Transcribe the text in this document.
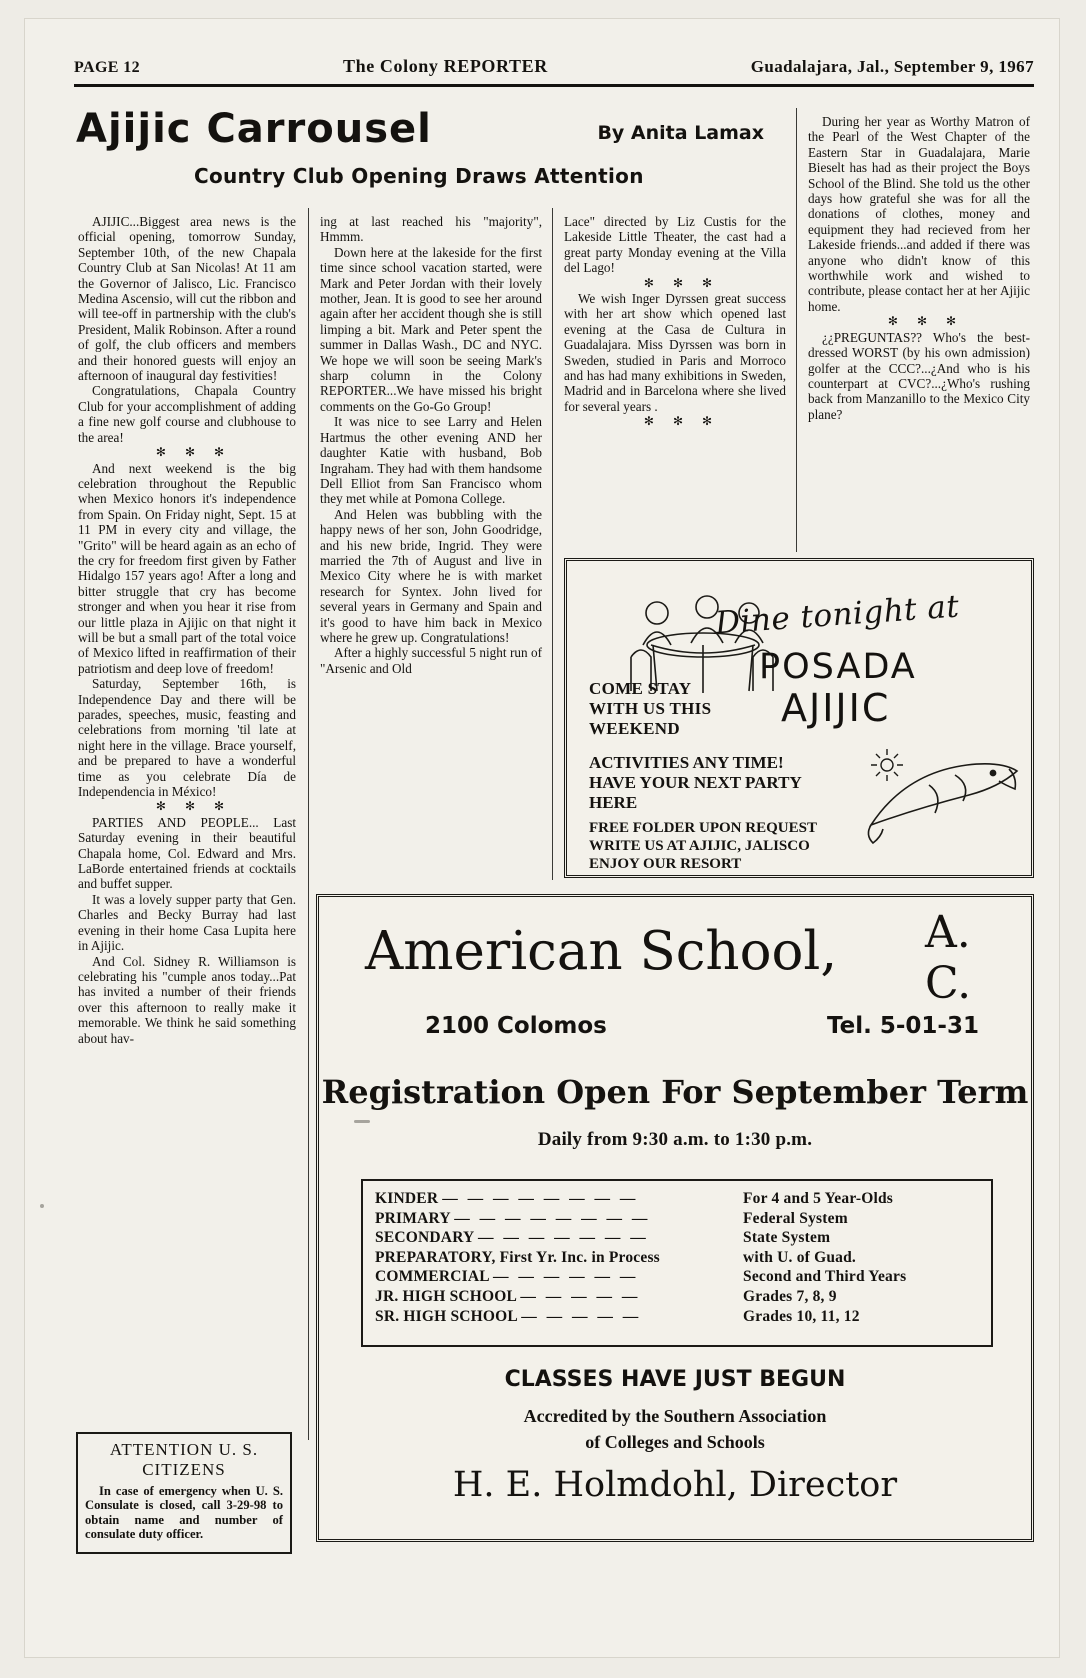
PAGE 12	The Colony REPORTER	Guadalajara, Jal., September 9, 1967
Ajijic Carrousel	By Anita Lamax
Country Club Opening Draws Attention

AJIJIC...Biggest area news is the official opening, tomorrow Sunday, September 10th, of the new Chapala Country Club at San Nicolas! At 11 am the Governor of Jalisco, Lic. Francisco Medina Ascensio, will cut the ribbon and will tee-off in partnership with the club's President, Malik Robinson. After a round of golf, the club officers and members and their honored guests will enjoy an afternoon of inaugural day festivities!

Congratulations, Chapala Country Club for your accomplishment of adding a fine new golf course and clubhouse to the area!

✻ ✻ ✻

And next weekend is the big celebration throughout the Republic when Mexico honors it's independence from Spain. On Friday night, Sept. 15 at 11 PM in every city and village, the "Grito" will be heard again as an echo of the cry for freedom first given by Father Hidalgo 157 years ago! After a long and bitter struggle that cry has become stronger and when you hear it rise from our little plaza in Ajijic on that night it will be but a small part of the total voice of Mexico lifted in reaffirmation of their patriotism and deep love of freedom!

Saturday, September 16th, is Independence Day and there will be parades, speeches, music, feasting and celebrations from morning 'til late at night here in the village. Brace yourself, and be prepared to have a wonderful time as you celebrate Día de Independencia in México!

✻ ✻ ✻

PARTIES AND PEOPLE... Last Saturday evening in their beautiful Chapala home, Col. Edward and Mrs. LaBorde entertained friends at cocktails and buffet supper.

It was a lovely supper party that Gen. Charles and Becky Burray had last evening in their home Casa Lupita here in Ajijic.

And Col. Sidney R. Williamson is celebrating his "cumple anos today...Pat has invited a number of their friends over this afternoon to really make it memorable. We think he said something about hav-

ing at last reached his "majority", Hmmm.

Down here at the lakeside for the first time since school vacation started, were Mark and Peter Jordan with their lovely mother, Jean. It is good to see her around again after her accident though she is still limping a bit. Mark and Peter spent the summer in Dallas Wash., DC and NYC. We hope we will soon be seeing Mark's sharp column in the Colony REPORTER...We have missed his bright comments on the Go-Go Group!

It was nice to see Larry and Helen Hartmus the other evening AND her daughter Katie with husband, Bob Ingraham. They had with them handsome Dell Elliot from San Francisco whom they met while at Pomona College.

And Helen was bubbling with the happy news of her son, John Goodridge, and his new bride, Ingrid. They were married the 7th of August and live in Mexico City where he is with market research for Syntex. John lived for several years in Germany and Spain and it's good to have him back in Mexico where he grew up. Congratulations!

After a highly successful 5 night run of "Arsenic and Old

Lace" directed by Liz Custis for the Lakeside Little Theater, the cast had a great party Monday evening at the Villa del Lago!

✻ ✻ ✻

We wish Inger Dyrssen great success with her art show which opened last evening at the Casa de Cultura in Guadalajara. Miss Dyrssen was born in Sweden, studied in Paris and Morroco and has had many exhibitions in Sweden, Madrid and in Barcelona where she lived for several years .

✻ ✻ ✻

During her year as Worthy Matron of the Pearl of the West Chapter of the Eastern Star in Guadalajara, Marie Bieselt has had as their project the Boys School of the Blind. She told us the other days how grateful she was for all the donations of clothes, money and equipment they had recieved from her Lakeside friends...and added if there was anyone who didn't know of this worthwhile work and wished to contribute, please contact her at her Ajijic home.

✻ ✻ ✻

¿¿PREGUNTAS?? Who's the best-dressed WORST (by his own admission) golfer at the CCC?...¿And who is his counterpart at CVC?...¿Who's rushing back from Manzanillo to the Mexico City plane?

ATTENTION U. S.
CITIZENS
In case of emergency when U. S. Consulate is closed, call 3-29-98 to obtain name and number of consulate duty officer.
Dine tonight at
POSADA
AJIJIC
COME STAY
WITH US THIS
WEEKEND
ACTIVITIES ANY TIME!
HAVE YOUR NEXT PARTY
HERE
FREE FOLDER UPON REQUEST
WRITE US AT AJIJIC, JALISCO
ENJOY OUR RESORT
American School, A. C.
2100 Colomos	Tel. 5-01-31
Registration Open For September Term
Daily from 9:30 a.m. to 1:30 p.m.
KINDER — — — — — — — —	For 4 and 5 Year-Olds
PRIMARY — — — — — — — —	Federal System
SECONDARY — — — — — — —	State System
PREPARATORY, First Yr. Inc. in Process	with U. of Guad.
COMMERCIAL — — — — — —	Second and Third Years
JR. HIGH SCHOOL — — — — —	Grades 7, 8, 9
SR. HIGH SCHOOL — — — — —	Grades 10, 11, 12
CLASSES HAVE JUST BEGUN
Accredited by the Southern Association
of Colleges and Schools
H. E. Holmdohl, Director
